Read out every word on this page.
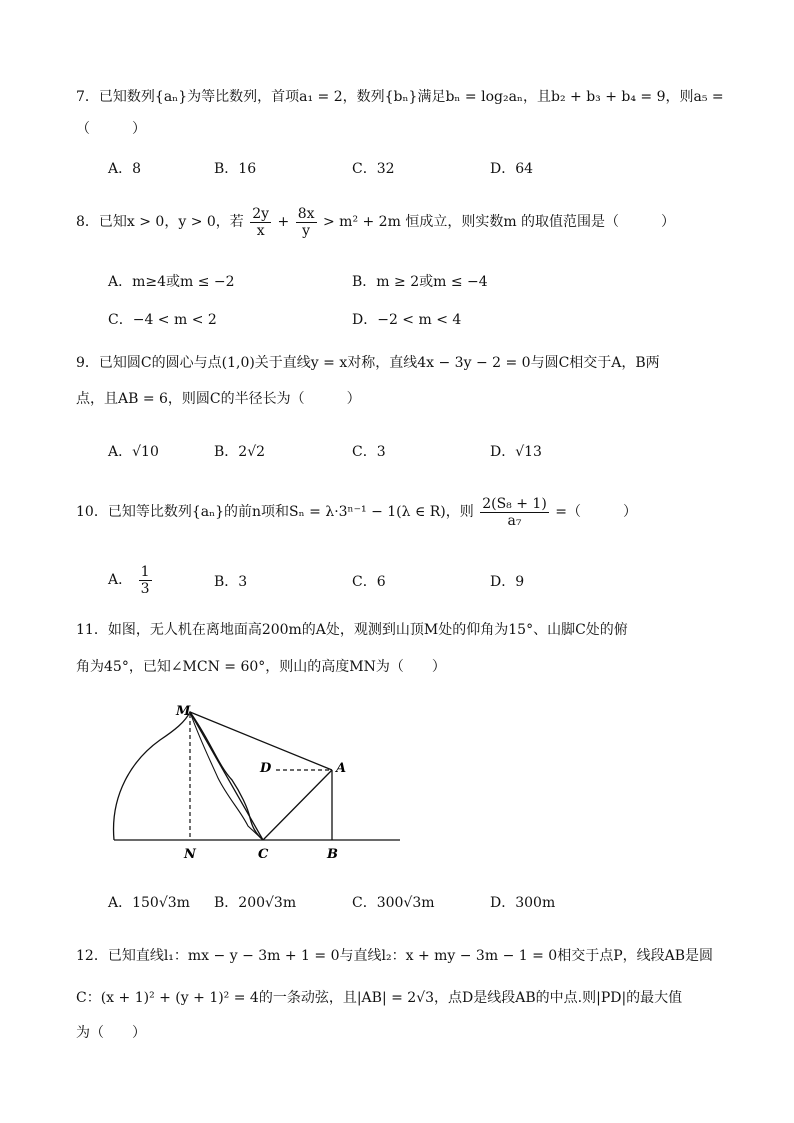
7．已知数列{aₙ}为等比数列，首项a₁ = 2，数列{bₙ}满足bₙ = log₂aₙ，且b₂ + b₃ + b₄ = 9，则a₅ =
（　　　）
A．8	B．16	C．32	D．64
8．已知x > 0，y > 0，若 $\frac{2y}{x} + \frac{8x}{y} > m^2 + 2m$ 恒成立，则实数m 的取值范围是（　　　）
A．m≥4或m ≤ −2	B．m ≥ 2或m ≤ −4
C．−4 < m < 2	D．−2 < m < 4
9．已知圆C的圆心与点(1,0)关于直线y = x对称，直线4x − 3y − 2 = 0与圆C相交于A，B两
点，且AB = 6，则圆C的半径长为（　　　）
A．√10	B．2√2	C．3	D．√13
10．已知等比数列{aₙ}的前n项和Sₙ = λ·3ⁿ⁻¹ − 1(λ ∈ R)，则 $\frac{\text{2(S₈ + 1)}}{\text{a₇}}$ =（　　　）
A． $\frac{1}{3}$	B．3	C．6	D．9
11．如图，无人机在离地面高200m的A处，观测到山顶M处的仰角为15°、山脚C处的俯
角为45°，已知∠MCN = 60°，则山的高度MN为（　　）
M
D	A
N	C	B
A．150√3m B．200√3m	C．300√3m	D．300m
12．已知直线l₁：mx − y − 3m + 1 = 0与直线l₂：x + my − 3m − 1 = 0相交于点P，线段AB是圆
C：(x + 1)² + (y + 1)² = 4的一条动弦，且|AB| = 2√3，点D是线段AB的中点.则|PD|的最大值
为（　　）
